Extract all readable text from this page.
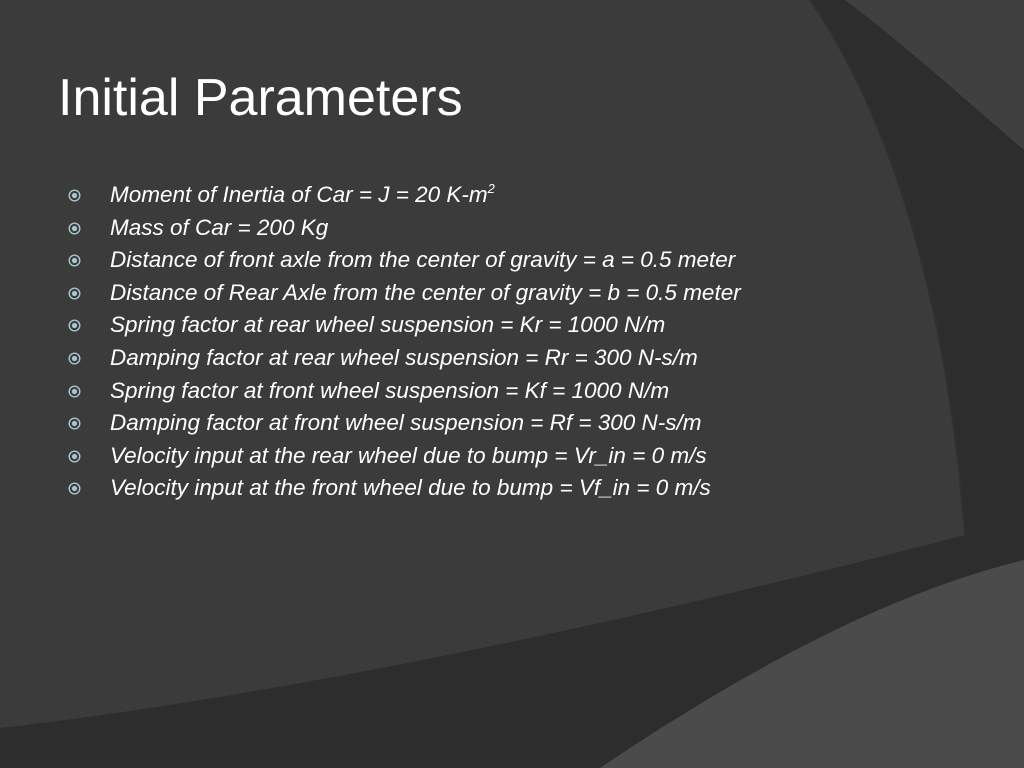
Initial Parameters
Moment of Inertia of Car = J = 20 $K-m^2$
Mass of Car = 200 Kg
Distance of front axle from the center of gravity = a = 0.5 meter
Distance of Rear Axle from the center of gravity = b = 0.5 meter
Spring factor at rear wheel suspension = Kr = 1000 N/m
Damping factor at rear wheel suspension = Rr = 300 N-s/m
Spring factor at front wheel suspension = Kf = 1000 N/m
Damping factor at front wheel suspension = Rf = 300 N-s/m
Velocity input at the rear wheel due to bump = Vr_in = 0 m/s
Velocity input at the front wheel due to bump = Vf_in = 0 m/s
